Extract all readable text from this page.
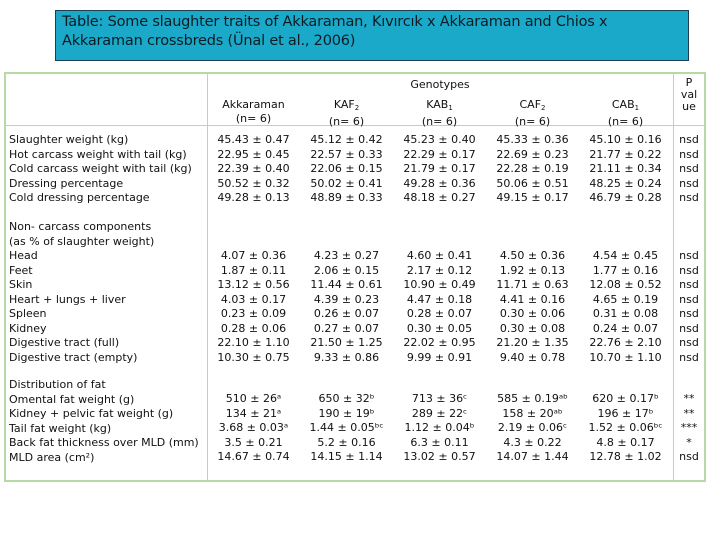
Table: Some slaughter traits of Akkaraman, Kıvırcık x Akkaraman and Chios x Akkaraman crossbreds (Ünal et al., 2006)
Genotypes	P
val
ue
Akkaraman
(n= 6)
$KAF_2$
(n= 6)
$KAB_1$
(n= 6)
$CAF_2$
(n= 6)
$CAB_1$
(n= 6)
Slaughter weight (kg)
Hot carcass weight with tail (kg)
Cold carcass weight with tail (kg)
Dressing percentage
Cold dressing percentage
45.43 ± 0.47
22.95 ± 0.45
22.39 ± 0.40
50.52 ± 0.32
49.28 ± 0.13
45.12 ± 0.42
22.57 ± 0.33
22.06 ± 0.15
50.02 ± 0.41
48.89 ± 0.33
45.23 ± 0.40
22.29 ± 0.17
21.79 ± 0.17
49.28 ± 0.36
48.18 ± 0.27
45.33 ± 0.36
22.69 ± 0.23
22.28 ± 0.19
50.06 ± 0.51
49.15 ± 0.17
45.10 ± 0.16
21.77 ± 0.22
21.11 ± 0.34
48.25 ± 0.24
46.79 ± 0.28
nsd
nsd
nsd
nsd
nsd
Non- carcass components
(as % of slaughter weight)
Head
Feet
Skin
Heart + lungs + liver
Spleen
Kidney
Digestive tract (full)
Digestive tract (empty)
4.07 ± 0.36
1.87 ± 0.11
13.12 ± 0.56
4.03 ± 0.17
0.23 ± 0.09
0.28 ± 0.06
22.10 ± 1.10
10.30 ± 0.75
4.23 ± 0.27
2.06 ± 0.15
11.44 ± 0.61
4.39 ± 0.23
0.26 ± 0.07
0.27 ± 0.07
21.50 ± 1.25
9.33 ± 0.86
4.60 ± 0.41
2.17 ± 0.12
10.90 ± 0.49
4.47 ± 0.18
0.28 ± 0.07
0.30 ± 0.05
22.02 ± 0.95
9.99 ± 0.91
4.50 ± 0.36
1.92 ± 0.13
11.71 ± 0.63
4.41 ± 0.16
0.30 ± 0.06
0.30 ± 0.08
21.20 ± 1.35
9.40 ± 0.78
4.54 ± 0.45
1.77 ± 0.16
12.08 ± 0.52
4.65 ± 0.19
0.31 ± 0.08
0.24 ± 0.07
22.76 ± 2.10
10.70 ± 1.10
nsd
nsd
nsd
nsd
nsd
nsd
nsd
nsd
Distribution of fat
Omental fat weight (g)
Kidney + pelvic fat weight (g)
Tail fat weight (kg)
Back fat thickness over MLD (mm)
MLD area (cm²)
510 ± 26ᵃ
134 ± 21ᵃ
3.68 ± 0.03ᵃ
3.5 ± 0.21
14.67 ± 0.74
650 ± 32ᵇ
190 ± 19ᵇ
1.44 ± 0.05ᵇᶜ
5.2 ± 0.16
14.15 ± 1.14
713 ± 36ᶜ
289 ± 22ᶜ
1.12 ± 0.04ᵇ
6.3 ± 0.11
13.02 ± 0.57
585 ± 0.19ᵃᵇ
158 ± 20ᵃᵇ
2.19 ± 0.06ᶜ
4.3 ± 0.22
14.07 ± 1.44
620 ± 0.17ᵇ
196 ± 17ᵇ
1.52 ± 0.06ᵇᶜ
4.8 ± 0.17
12.78 ± 1.02
**
**
***
*
nsd
